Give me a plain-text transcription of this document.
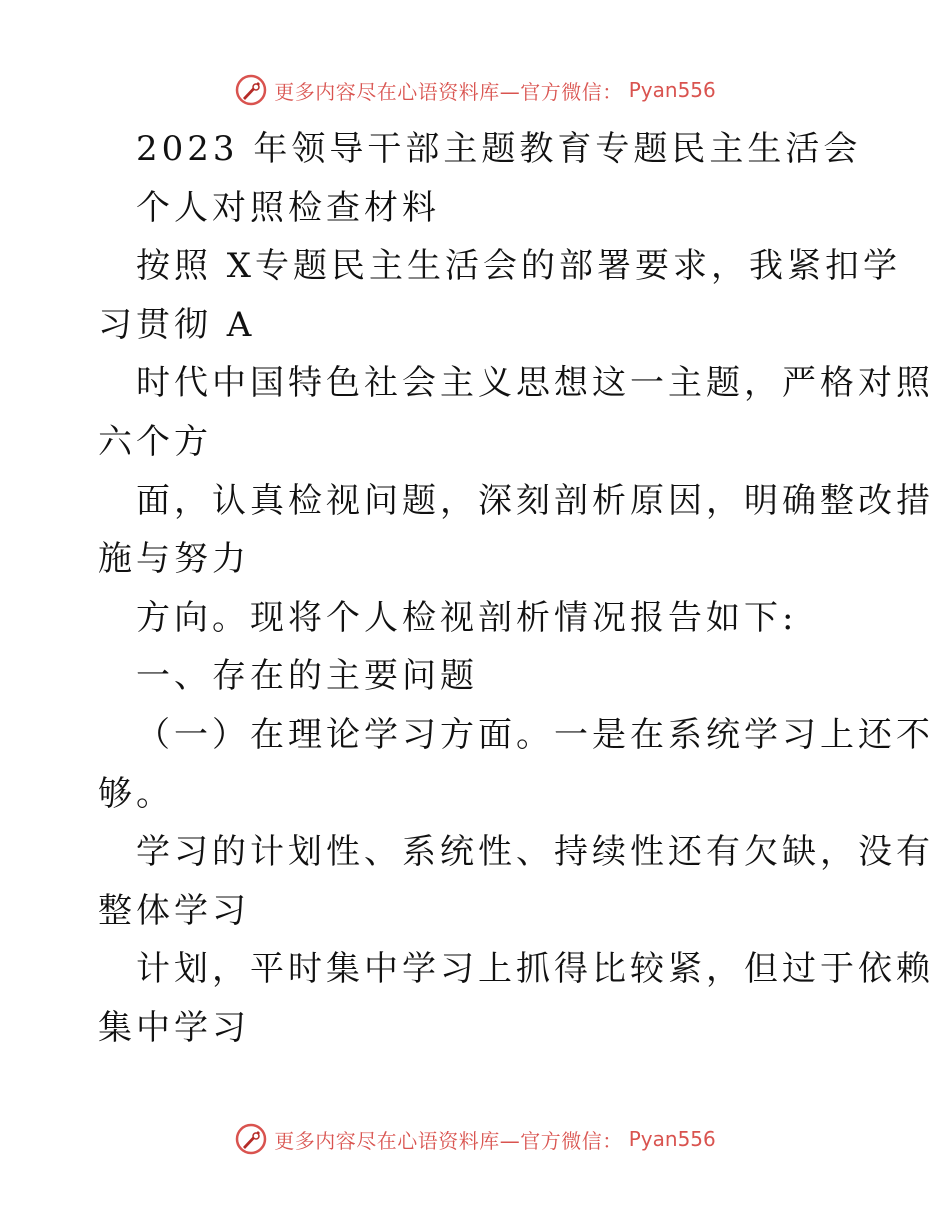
更多内容尽在心语资料库—官方微信： Pyan556
2023 年领导干部主题教育专题民主生活会
个人对照检查材料
按照 X专题民主生活会的部署要求，我紧扣学
习贯彻 A
时代中国特色社会主义思想这一主题，严格对照
六个方
面，认真检视问题，深刻剖析原因，明确整改措
施与努力
方向。现将个人检视剖析情况报告如下:
一、存在的主要问题
（一）在理论学习方面。一是在系统学习上还不
够。
学习的计划性、系统性、持续性还有欠缺，没有
整体学习
计划，平时集中学习上抓得比较紧，但过于依赖
集中学习
更多内容尽在心语资料库—官方微信： Pyan556
